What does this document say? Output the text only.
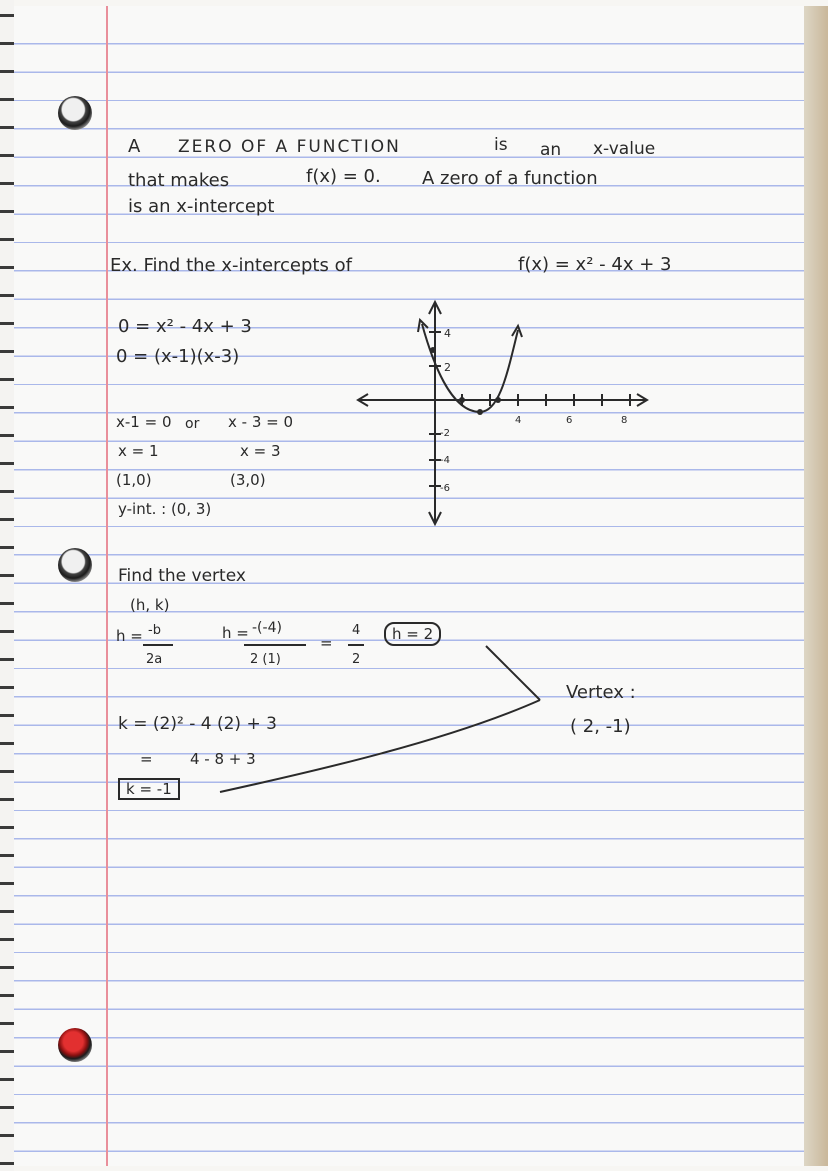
A ZERO OF A FUNCTION	is an x-value
that makes	f(x) = 0. A zero of a function
is an x-intercept
Ex. Find the x-intercepts of	f(x) = x² - 4x + 3
0 = x² - 4x + 3
0 = (x-1)(x-3)
x-1 = 0 or x - 3 = 0
x = 1	x = 3
(1,0)	(3,0)
y-int. : (0, 3)
4
2
-2
-4
-6
4	6	8
Find the vertex
(h, k)
h = -b
2a
h = -(-4)
2 (1)
=
4
2
h = 2
k = (2)² - 4 (2) + 3
= 4 - 8 + 3
k = -1
Vertex :
( 2, -1)
